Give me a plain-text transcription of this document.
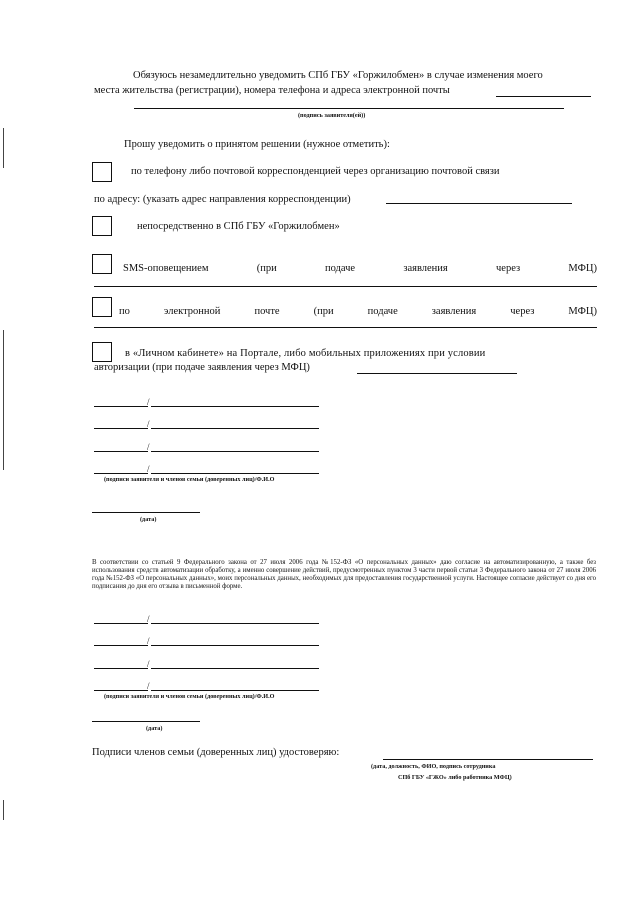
Обязуюсь незамедлительно уведомить СПб ГБУ «Горжилобмен» в случае изменения моего
места жительства (регистрации), номера телефона и адреса электронной почты
(подпись заявителя(ей))
Прошу уведомить о принятом решении (нужное отметить):
по телефону либо почтовой корреспонденцией через организацию почтовой связи
по адресу: (указать адрес направления корреспонденции)
непосредственно в СПб ГБУ «Горжилобмен»
SMS-оповещением	(при	подаче	заявления	через	МФЦ)
по	электронной	почте	(при	подаче	заявления	через	МФЦ)
в «Личном кабинете» на Портале, либо мобильных приложениях при условии
авторизации (при подаче заявления через МФЦ)
/
/
/
/
(подписи заявителя и членов семьи (доверенных лиц)/Ф.И.О
(дата)
В соответствии со статьей 9 Федерального закона от 27 июля 2006 года №152-ФЗ «О персональных данных» даю согласие на автоматизированную, а также без использования средств автоматизации обработку, а именно совершение действий, предусмотренных пунктом 3 части первой статьи 3 Федерального закона от 27 июля 2006 года №152-ФЗ «О персональных данных», моих персональных данных, необходимых для предоставления государственной услуги. Настоящее согласие действует со дня его подписания до дня его отзыва в письменной форме.
/
/
/
/
(подписи заявителя и членов семьи (доверенных лиц)/Ф.И.О
(дата)
Подписи членов семьи (доверенных лиц) удостоверяю:
(дата, должность, ФИО, подпись сотрудника
СПб ГБУ «ГЖО» либо работника МФЦ)
